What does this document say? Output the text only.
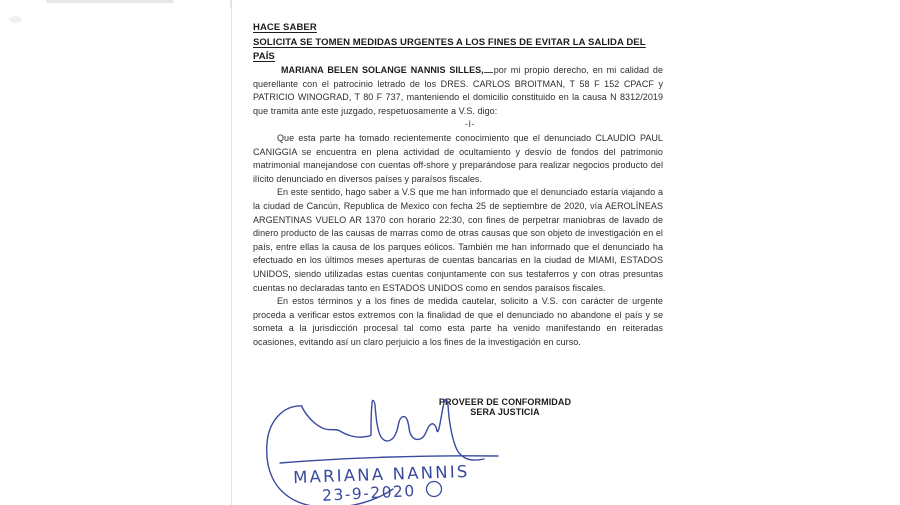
HACE SABER
SOLICITA SE TOMEN MEDIDAS URGENTES A LOS FINES DE EVITAR LA SALIDA DEL PAÍS

MARIANA BELEN SOLANGE NANNIS SILLES, por mi propio derecho, en mi calidad de querellante con el patrocinio letrado de los DRES. CARLOS BROITMAN, T 58 F 152 CPACF y PATRICIO WINOGRAD, T 80 F 737, manteniendo el domicilio constituido en la causa N 8312/2019 que tramita ante este juzgado, respetuosamente a V.S. digo:

-I-

Que esta parte ha tomado recientemente conocimiento que el denunciado CLAUDIO PAUL CANIGGIA se encuentra en plena actividad de ocultamiento y desvío de fondos del patrimonio matrimonial manejandose con cuentas off-shore y preparándose para realizar negocios producto del ilícito denunciado en diversos países y paraísos fiscales.

En este sentido, hago saber a V.S que me han informado que el denunciado estaría viajando a la ciudad de Cancún, Republica de Mexico con fecha 25 de septiembre de 2020, vía AEROLÍNEAS ARGENTINAS VUELO AR 1370 con horario 22:30, con fines de perpetrar maniobras de lavado de dinero producto de las causas de marras como de otras causas que son objeto de investigación en el país, entre ellas la causa de los parques eólicos. También me han informado que el denunciado ha efectuado en los últimos meses aperturas de cuentas bancarias en la ciudad de MIAMI, ESTADOS UNIDOS, siendo utilizadas estas cuentas conjuntamente con sus testaferros y con otras presuntas cuentas no declaradas tanto en ESTADOS UNIDOS como en sendos paraísos fiscales.

En estos términos y a los fines de medida cautelar, solicito a V.S. con carácter de urgente proceda a verificar estos extremos con la finalidad de que el denunciado no abandone el país y se someta a la jurisdicción procesal tal como esta parte ha venido manifestando en reiteradas ocasiones, evitando así un claro perjuicio a los fines de la investigación en curso.

PROVEER DE CONFORMIDAD
SERA JUSTICIA
MARIANA NANNIS
23-9-2020
